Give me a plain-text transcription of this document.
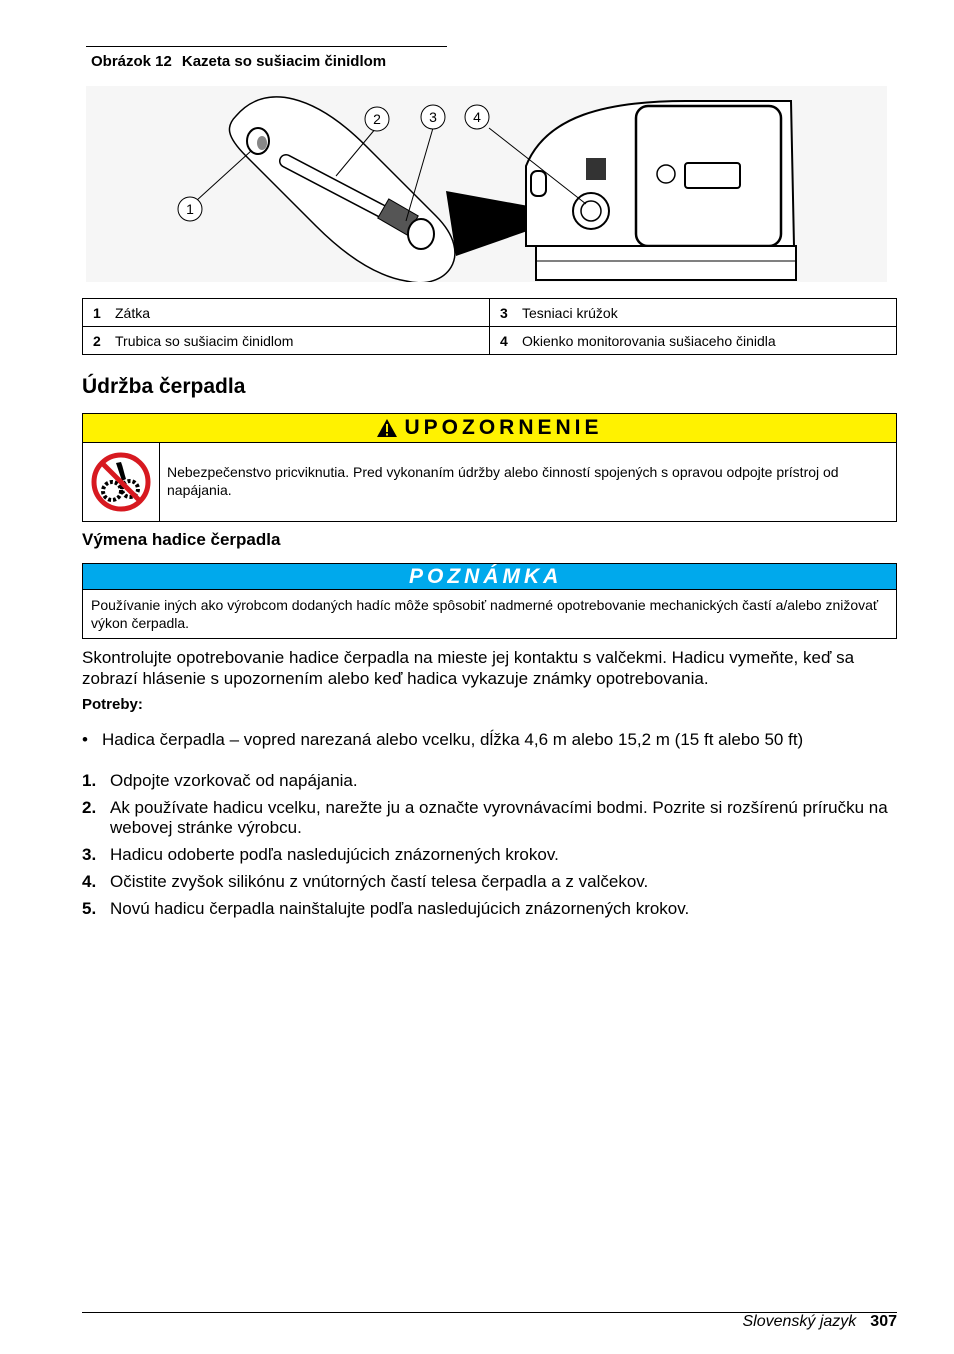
Obrázok 12 Kazeta so sušiacim činidlom
1
2	3	4
1 Zátka	3 Tesniaci krúžok
2 Trubica so sušiacim činidlom	4 Okienko monitorovania sušiaceho činidla
Údržba čerpadla
UPOZORNENIE
Nebezpečenstvo pricviknutia. Pred vykonaním údržby alebo činností spojených s opravou odpojte prístroj od napájania.
Výmena hadice čerpadla
POZNÁMKA
Používanie iných ako výrobcom dodaných hadíc môže spôsobiť nadmerné opotrebovanie mechanických častí a/alebo znižovať výkon čerpadla.

Skontrolujte opotrebovanie hadice čerpadla na mieste jej kontaktu s valčekmi. Hadicu vymeňte, keď sa zobrazí hlásenie s upozornením alebo keď hadica vykazuje známky opotrebovania.

Potreby:
• Hadica čerpadla – vopred narezaná alebo vcelku, dĺžka 4,6 m alebo 15,2 m (15 ft alebo 50 ft)
1. Odpojte vzorkovač od napájania.
2. Ak používate hadicu vcelku, narežte ju a označte vyrovnávacími bodmi. Pozrite si rozšírenú príručku na webovej stránke výrobcu.
3. Hadicu odoberte podľa nasledujúcich znázornených krokov.
4. Očistite zvyšok silikónu z vnútorných častí telesa čerpadla a z valčekov.
5. Novú hadicu čerpadla nainštalujte podľa nasledujúcich znázornených krokov.
Slovenský jazyk 307
